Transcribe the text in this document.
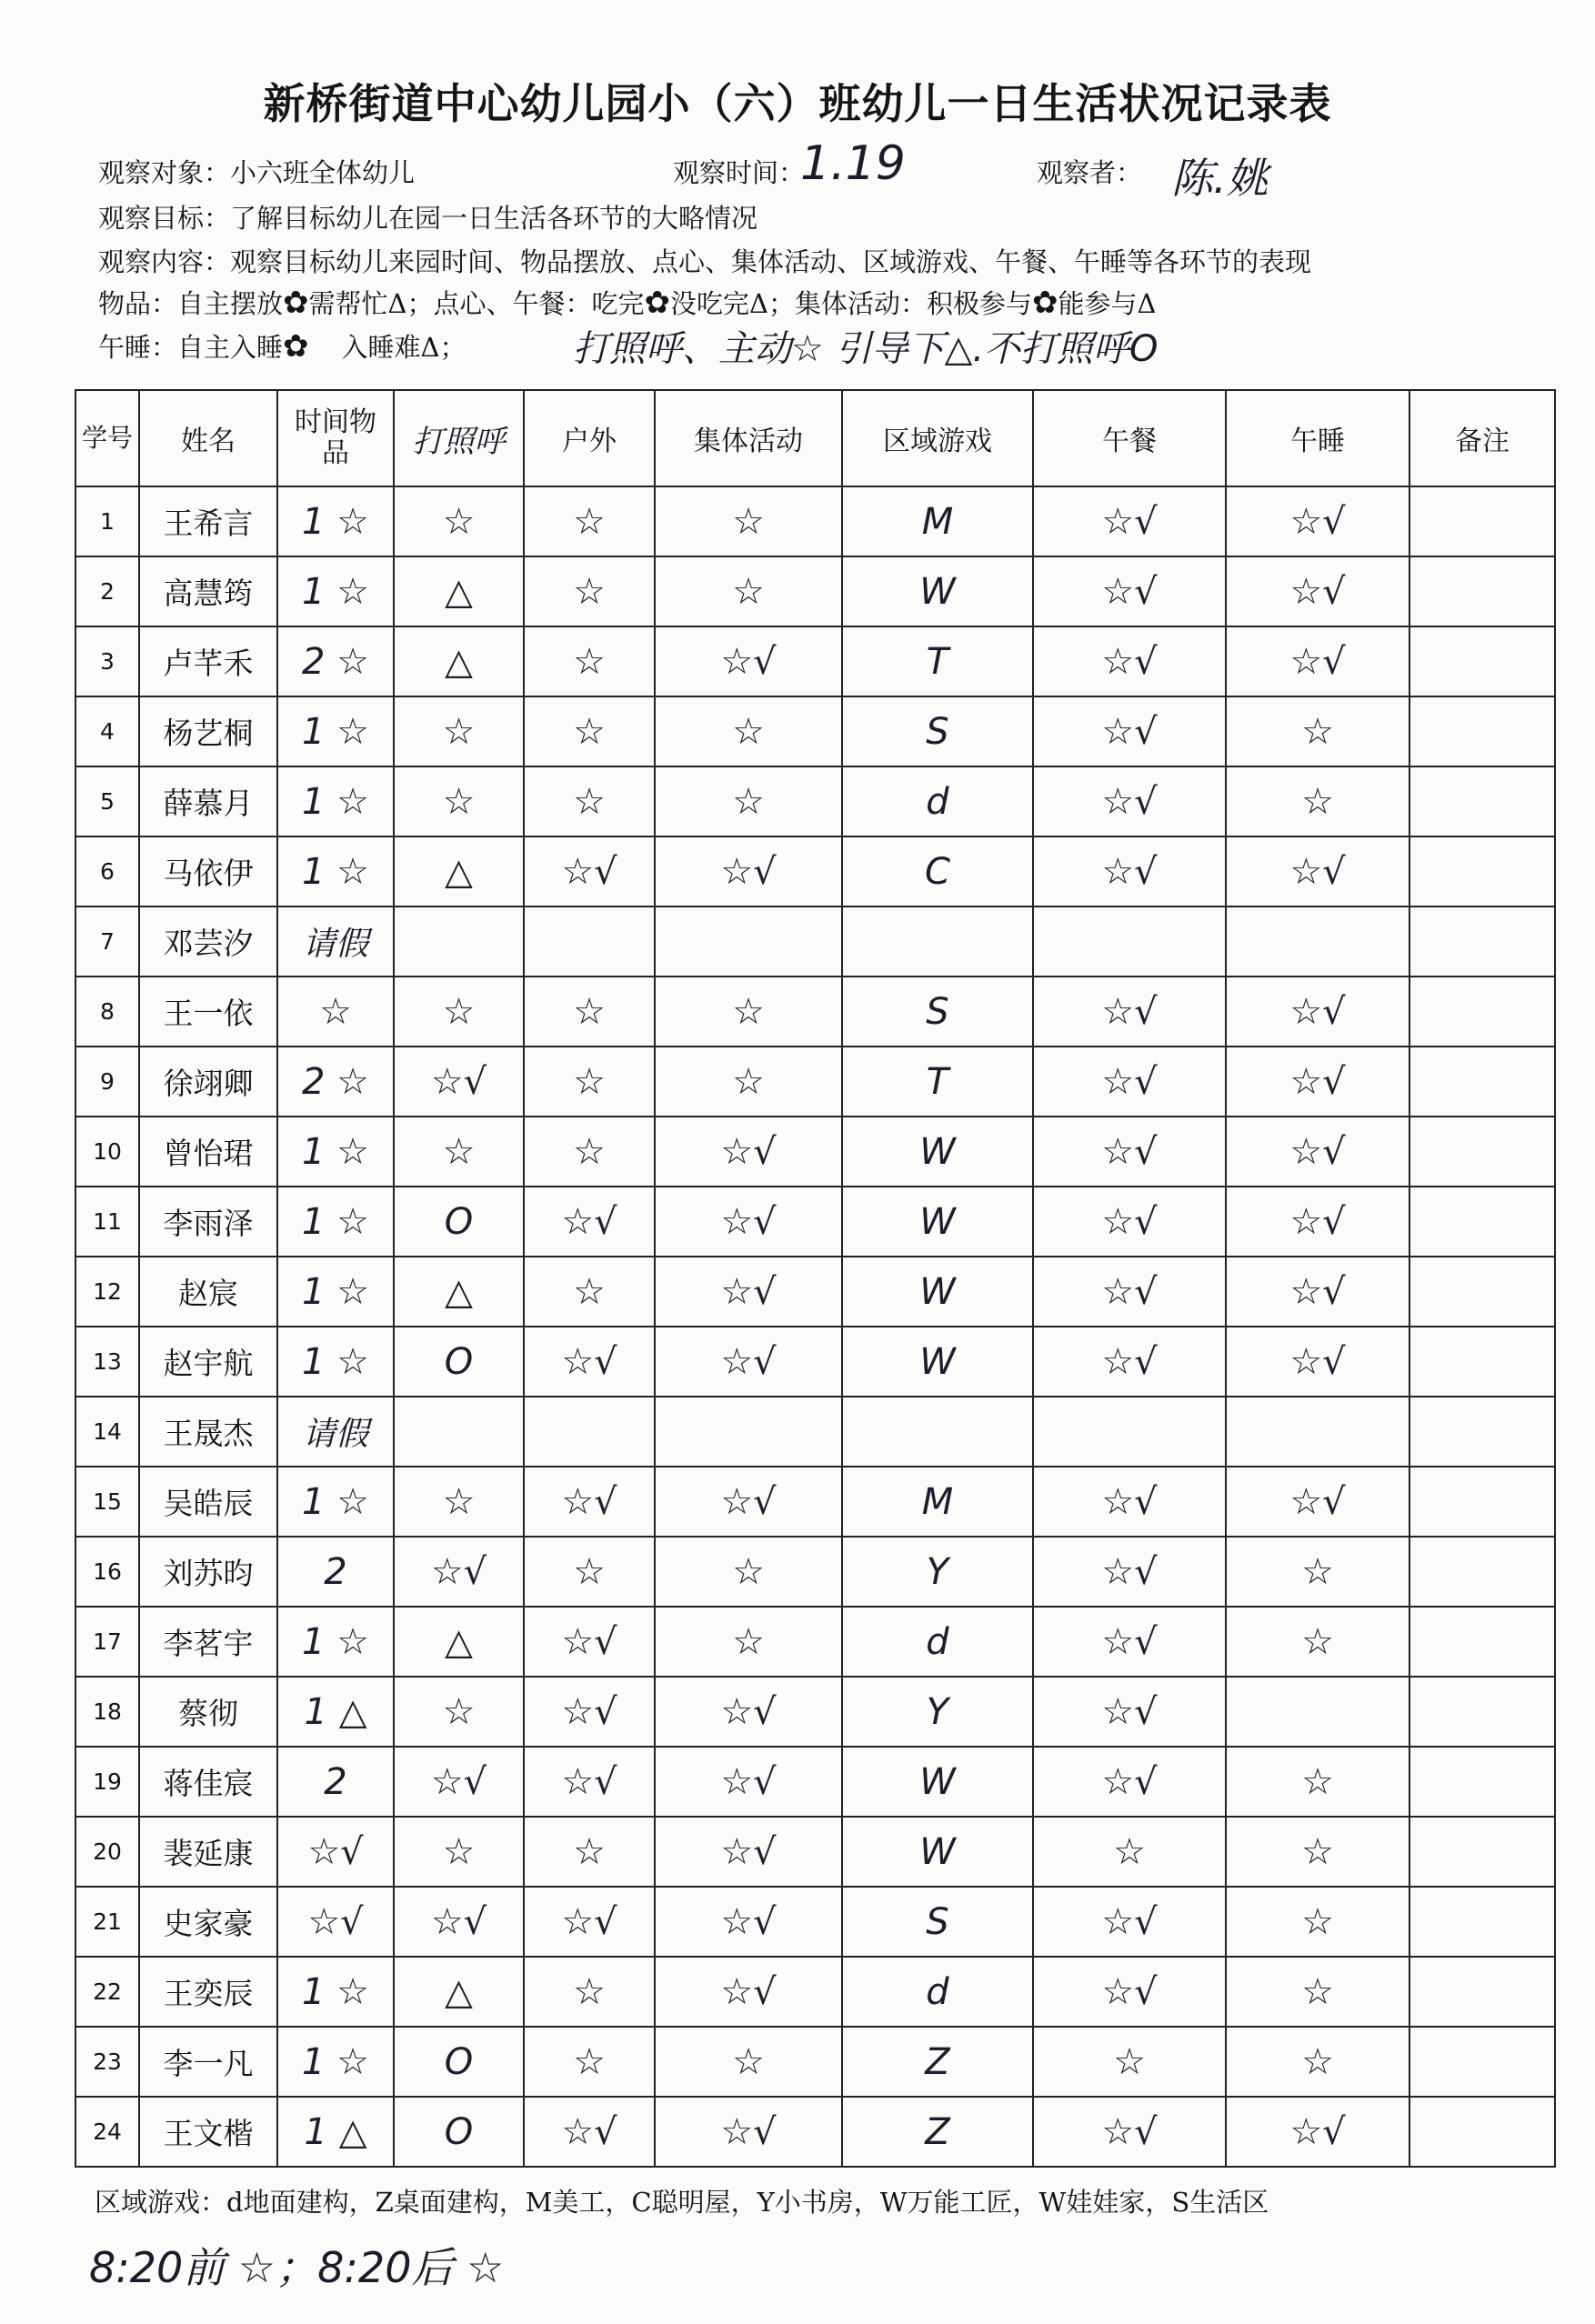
新桥街道中心幼儿园小（六）班幼儿一日生活状况记录表
观察对象：小六班全体幼儿	观察时间：
1.19	观察者： 陈.姚
观察目标：了解目标幼儿在园一日生活各环节的大略情况
观察内容：观察目标幼儿来园时间、物品摆放、点心、集体活动、区域游戏、午餐、午睡等各环节的表现
物品：自主摆放✿需帮忙Δ；点心、午餐：吃完✿没吃完Δ；集体活动：积极参与✿能参与Δ
午睡：自主入睡✿ 入睡难Δ；	打照呼、主动☆ 引导下△.不打照呼O
学号	姓名	时间物品	打照呼	户外	集体活动	区域游戏	午餐	午睡	备注
1	王希言	1 ☆	☆	☆	☆	M	☆√	☆√	
2	高慧筠	1 ☆	△	☆	☆	W	☆√	☆√	
3	卢芊禾	2 ☆	△	☆	☆√	T	☆√	☆√	
4	杨艺桐	1 ☆	☆	☆	☆	S	☆√	☆	
5	薛慕月	1 ☆	☆	☆	☆	d	☆√	☆	
6	马依伊	1 ☆	△	☆√	☆√	C	☆√	☆√	
7	邓芸汐	请假							
8	王一依	☆	☆	☆	☆	S	☆√	☆√	
9	徐翊卿	2 ☆	☆√	☆	☆	T	☆√	☆√	
10	曾怡珺	1 ☆	☆	☆	☆√	W	☆√	☆√	
11	李雨泽	1 ☆	O	☆√	☆√	W	☆√	☆√	
12	赵宸	1 ☆	△	☆	☆√	W	☆√	☆√	
13	赵宇航	1 ☆	O	☆√	☆√	W	☆√	☆√	
14	王晟杰	请假							
15	吴皓辰	1 ☆	☆	☆√	☆√	M	☆√	☆√	
16	刘苏昀	2	☆√	☆	☆	Y	☆√	☆	
17	李茗宇	1 ☆	△	☆√	☆	d	☆√	☆	
18	蔡彻	1 △	☆	☆√	☆√	Y	☆√		
19	蒋佳宸	2	☆√	☆√	☆√	W	☆√	☆	
20	裴延康	☆√	☆	☆	☆√	W	☆	☆	
21	史家豪	☆√	☆√	☆√	☆√	S	☆√	☆	
22	王奕辰	1 ☆	△	☆	☆√	d	☆√	☆	
23	李一凡	1 ☆	O	☆	☆	Z	☆	☆	
24	王文楷	1 △	O	☆√	☆√	Z	☆√	☆√	
区域游戏：d地面建构，Z桌面建构，M美工，C聪明屋，Y小书房，W万能工匠，W娃娃家，S生活区
8:20前 ☆；8:20后 ☆
